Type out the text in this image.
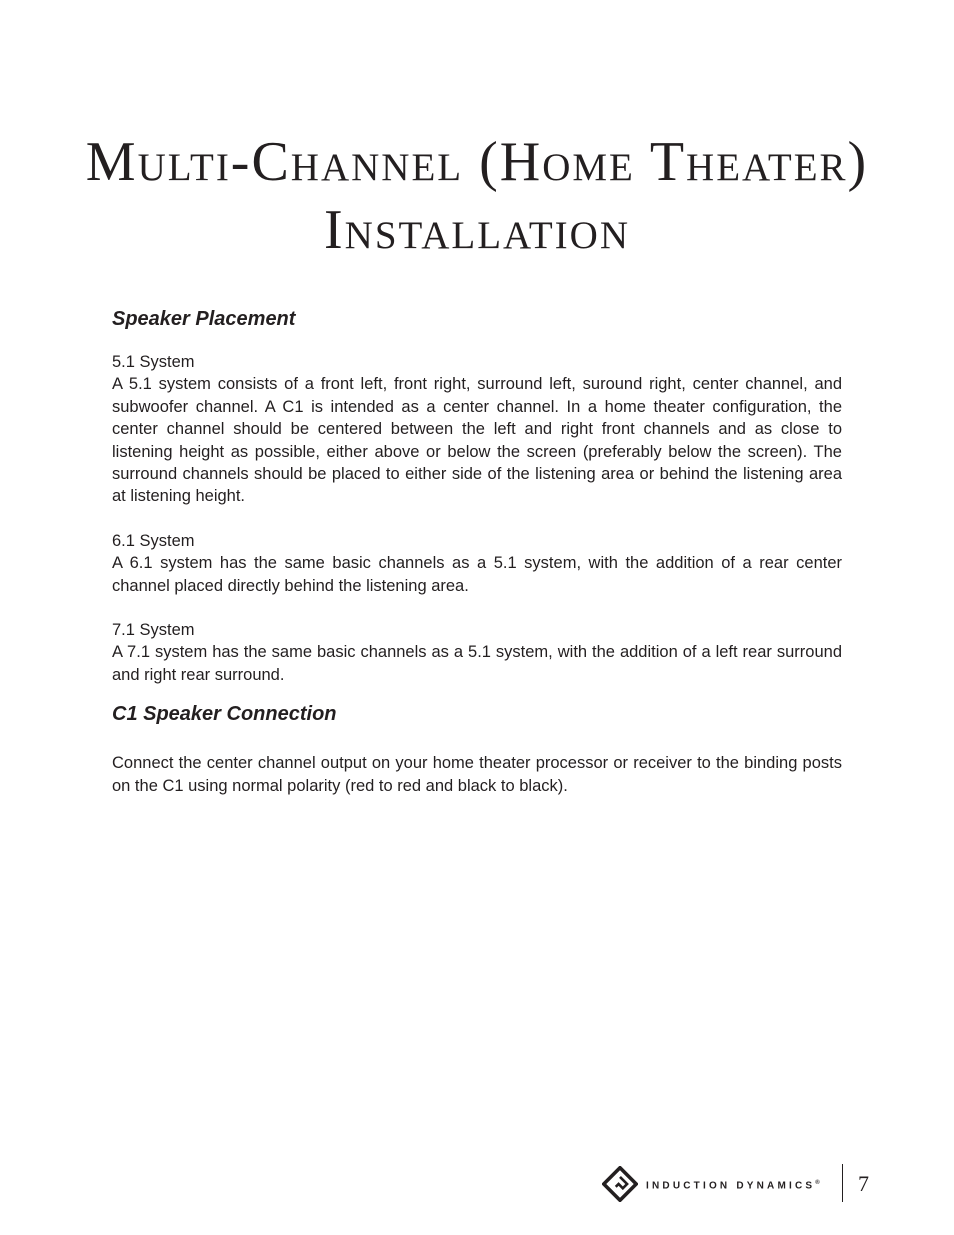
Multi-Channel (Home Theater) Installation
Speaker Placement

5.1 System

A 5.1 system consists of a front left, front right, surround left, suround right, center channel, and subwoofer channel. A C1 is intended as a center channel. In a home theater configuration, the center channel should be centered between the left and right front channels and as close to listening height as possible, either above or below the screen (preferably below the screen). The surround channels should be placed to either side of the listening area or behind the listening area at listening height.

6.1 System

A 6.1 system has the same basic channels as a 5.1 system, with the addition of a rear center channel placed directly behind the listening area.

7.1 System

A 7.1 system has the same basic channels as a 5.1 system, with the addition of a left rear surround and right rear surround.

C1 Speaker Connection

Connect the center channel output on your home theater processor or receiver to the binding posts on the C1 using normal polarity (red to red and black to black).

INDUCTION DYNAMICS® 7
